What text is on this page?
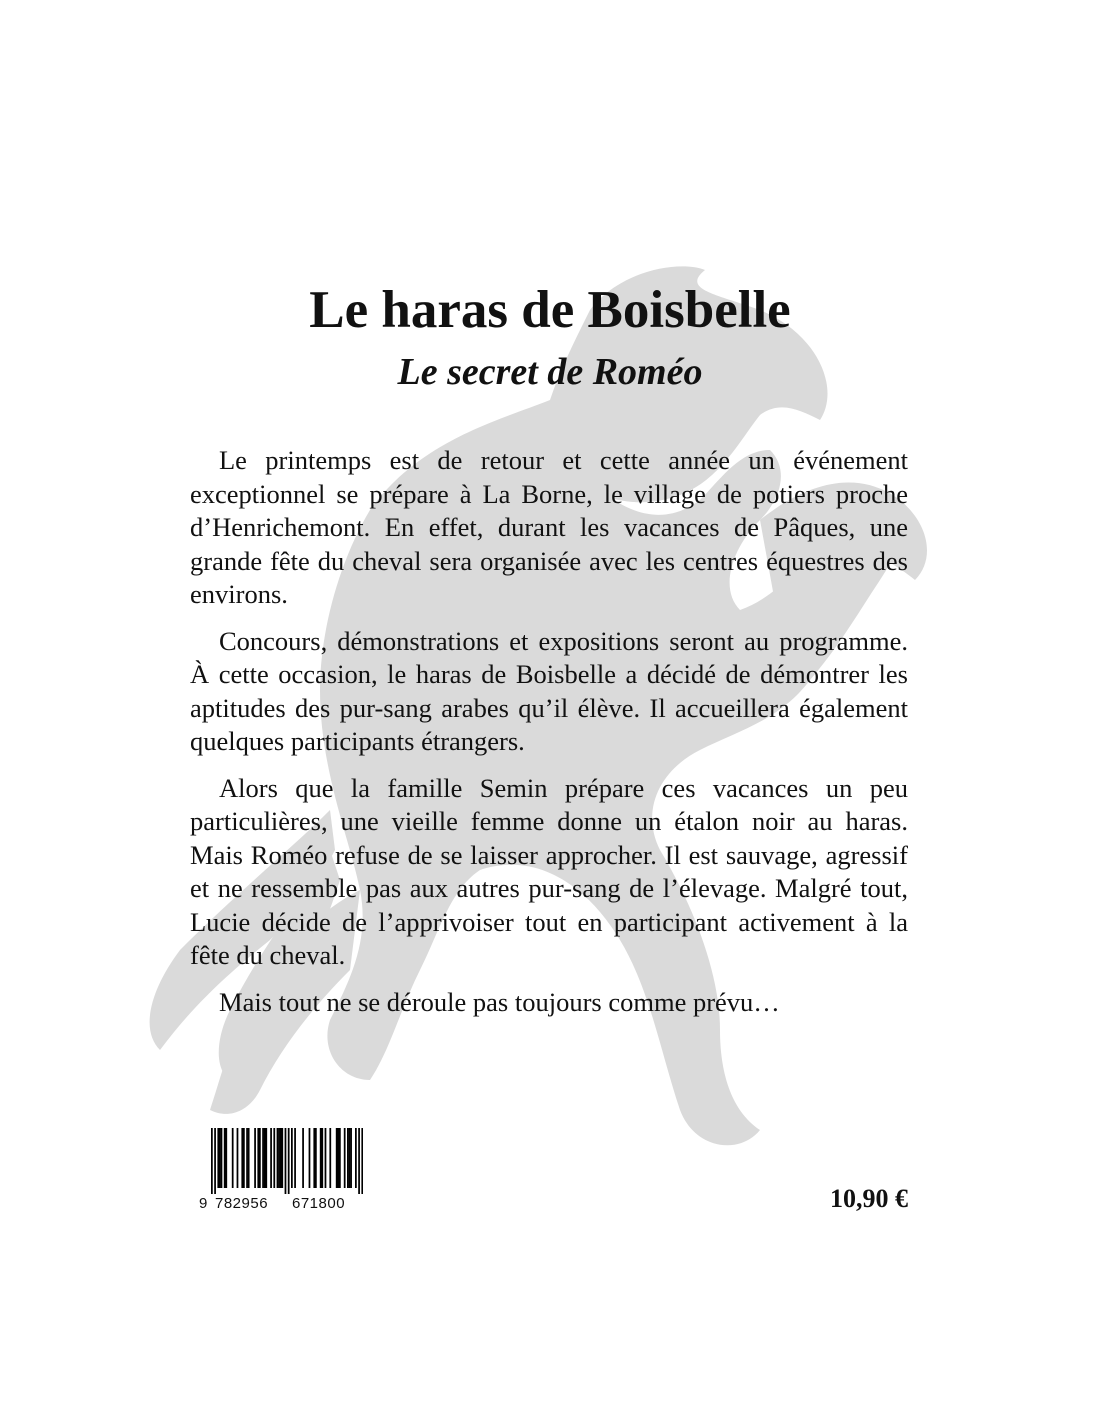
Le haras de Boisbelle
Le secret de Roméo

Le printemps est de retour et cette année un événement exceptionnel se prépare à La Borne, le village de potiers proche d’Henrichemont. En effet, durant les vacances de Pâques, une grande fête du cheval sera organisée avec les centres équestres des environs.

Concours, démonstrations et expositions seront au programme. À cette occasion, le haras de Boisbelle a décidé de démontrer les aptitudes des pur-sang arabes qu’il élève. Il accueillera également quelques participants étrangers.

Alors que la famille Semin prépare ces vacances un peu particulières, une vieille femme donne un étalon noir au haras. Mais Roméo refuse de se laisser approcher. Il est sauvage, agressif et ne ressemble pas aux autres pur-sang de l’élevage. Malgré tout, Lucie décide de l’apprivoiser tout en participant activement à la fête du cheval.

Mais tout ne se déroule pas toujours comme prévu…

9 782956 671800	10,90 €
